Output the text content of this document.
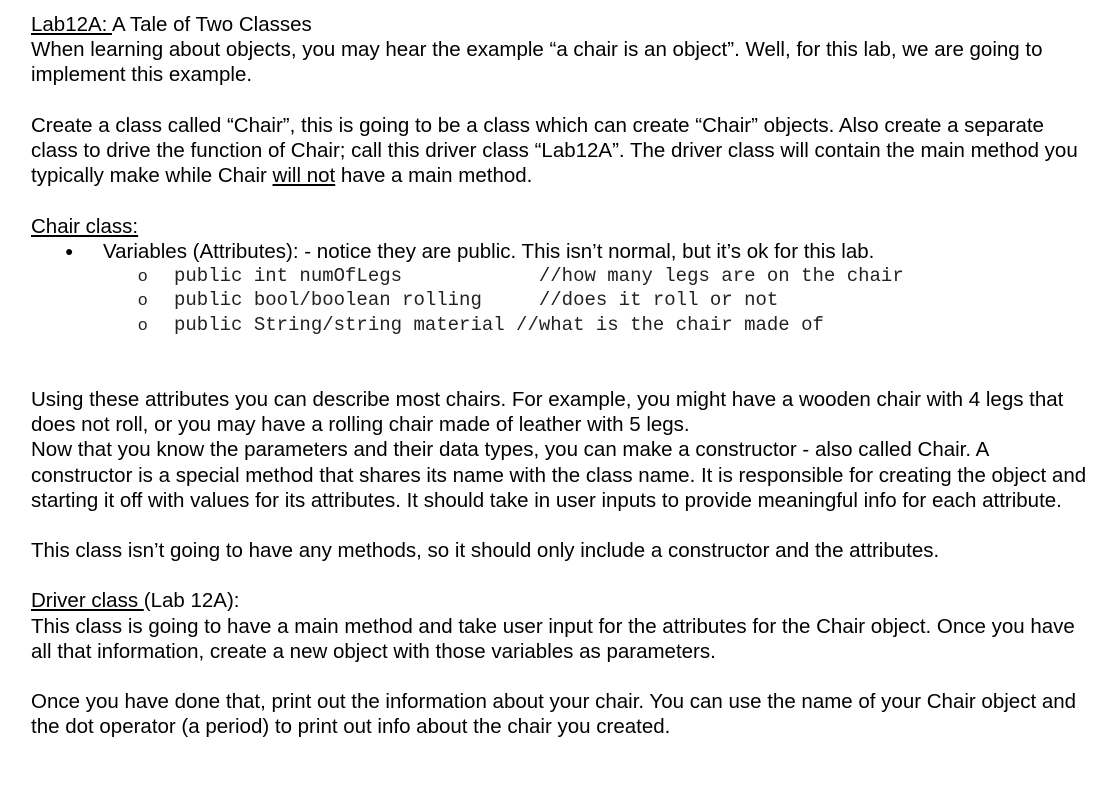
Lab12A: A Tale of Two Classes

When learning about objects, you may hear the example “a chair is an object”. Well, for this lab, we are going to implement this example.

Create a class called “Chair”, this is going to be a class which can create “Chair” objects. Also create a separate class to drive the function of Chair; call this driver class “Lab12A”. The driver class will contain the main method you typically make while Chair will not have a main method.

Chair class:

● Variables (Attributes): - notice they are public. This isn’t normal, but it’s ok for this lab.

o

public int numOfLegs            //how many legs are on the chair

o

public bool/boolean rolling     //does it roll or not

o

public String/string material //what is the chair made of

Using these attributes you can describe most chairs. For example, you might have a wooden chair with 4 legs that does not roll, or you may have a rolling chair made of leather with 5 legs.

Now that you know the parameters and their data types, you can make a constructor - also called Chair. A constructor is a special method that shares its name with the class name. It is responsible for creating the object and starting it off with values for its attributes. It should take in user inputs to provide meaningful info for each attribute.

This class isn’t going to have any methods, so it should only include a constructor and the attributes.

Driver class (Lab 12A):

This class is going to have a main method and take user input for the attributes for the Chair object. Once you have all that information, create a new object with those variables as parameters.

Once you have done that, print out the information about your chair. You can use the name of your Chair object and the dot operator (a period) to print out info about the chair you created.
